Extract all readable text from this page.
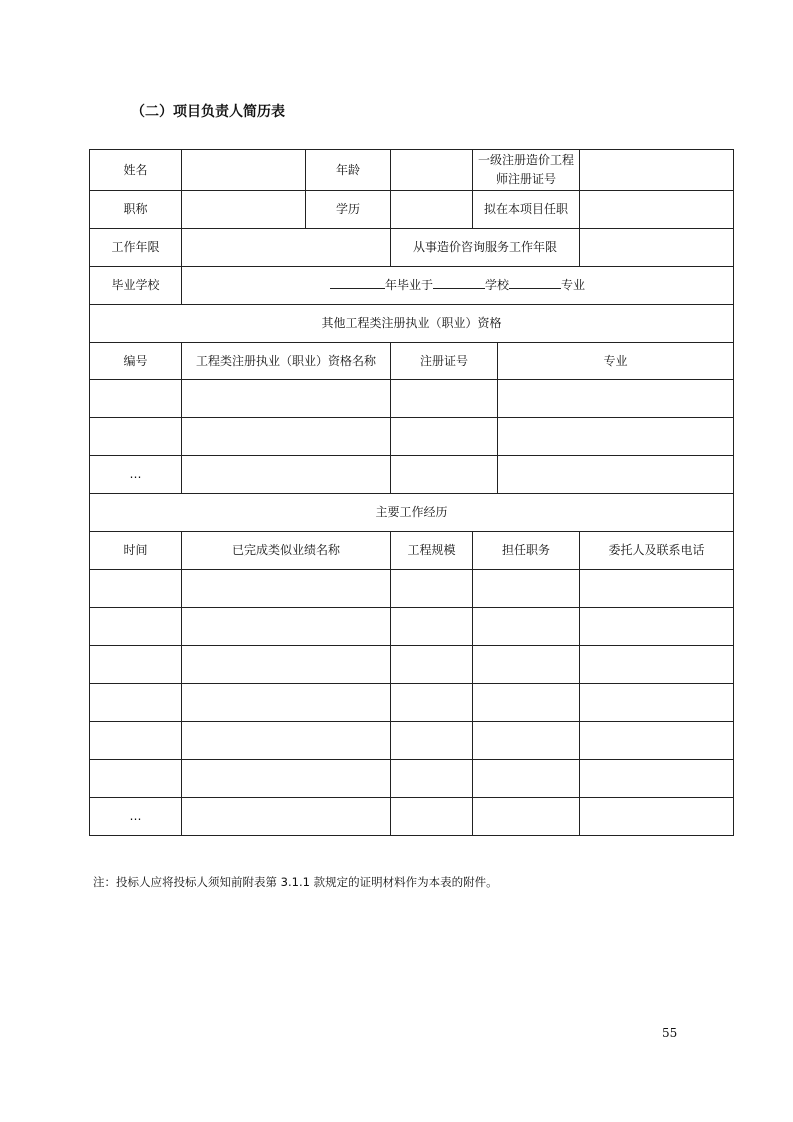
（二）项目负责人简历表
姓名		年龄		一级注册造价工程
师注册证号		
职称		学历		拟在本项目任职		
工作年限			从事造价咨询服务工作年限			
毕业学校	年毕业于 学校 专业					
其他工程类注册执业（职业）资格						
编号	工程类注册执业（职业）资格名称		注册证号		专业	

…						
主要工作经历						
时间	已完成类似业绩名称		工程规模	担任职务		委托人及联系电话

…						
注：投标人应将投标人须知前附表第 3.1.1 款规定的证明材料作为本表的附件。
55
